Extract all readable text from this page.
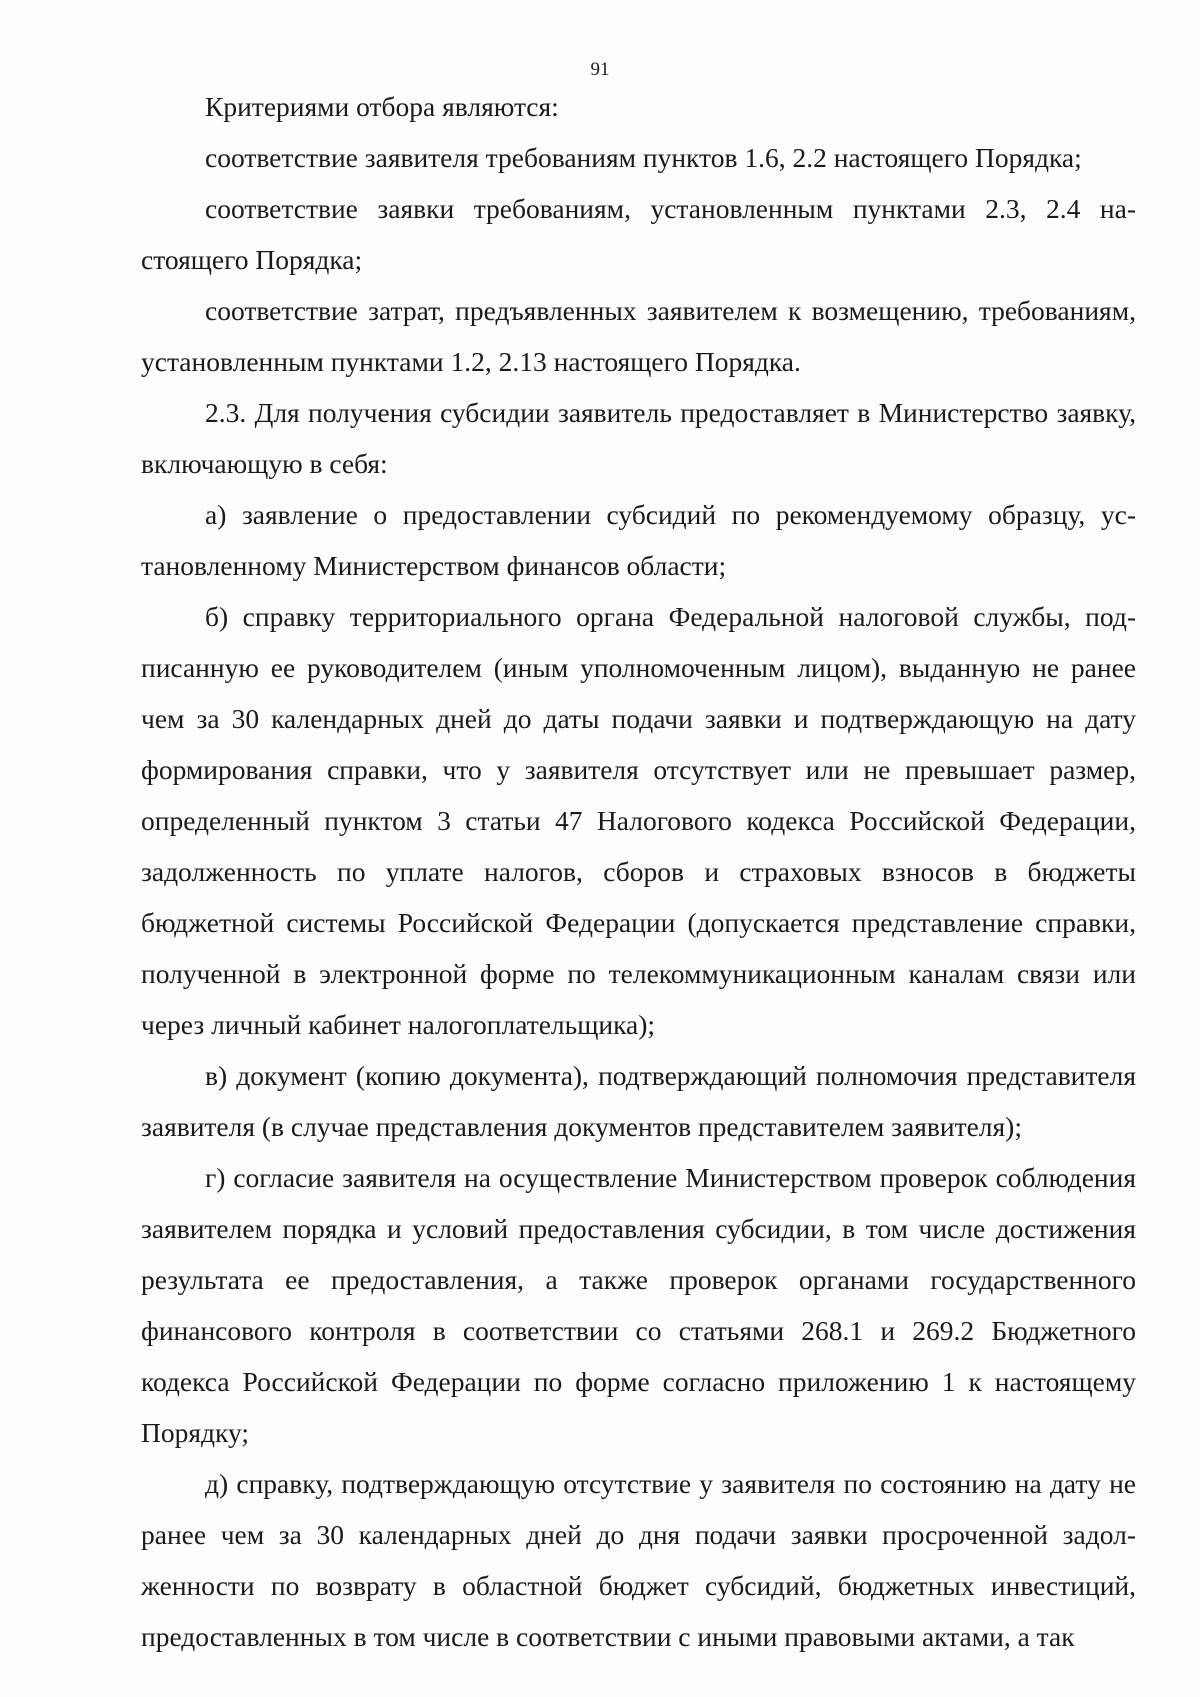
91

Критериями отбора являются:

соответствие заявителя требованиям пунктов 1.6, 2.2 настоящего Порядка;

соответствие заявки требованиям, установленным пунктами 2.3, 2.4 настоящего Порядка;

соответствие затрат, предъявленных заявителем к возмещению, требованиям, установленным пунктами 1.2, 2.13 настоящего Порядка.

2.3. Для получения субсидии заявитель предоставляет в Министерство заявку, включающую в себя:

а) заявление о предоставлении субсидий по рекомендуемому образцу, установленному Министерством финансов области;

б) справку территориального органа Федеральной налоговой службы, подписанную ее руководителем (иным уполномоченным лицом), выданную не ранее чем за 30 календарных дней до даты подачи заявки и подтверждающую на дату формирования справки, что у заявителя отсутствует или не превышает размер, определенный пунктом 3 статьи 47 Налогового кодекса Российской Федерации, задолженность по уплате налогов, сборов и страховых взносов в бюджеты бюджетной системы Российской Федерации (допускается представление справки, полученной в электронной форме по телекоммуникационным каналам связи или через личный кабинет налогоплательщика);

в) документ (копию документа), подтверждающий полномочия представителя заявителя (в случае представления документов представителем заявителя);

г) согласие заявителя на осуществление Министерством проверок соблюдения заявителем порядка и условий предоставления субсидии, в том числе достижения результата ее предоставления, а также проверок органами государственного финансового контроля в соответствии со статьями 268.1 и 269.2 Бюджетного кодекса Российской Федерации по форме согласно приложению 1 к настоящему Порядку;

д) справку, подтверждающую отсутствие у заявителя по состоянию на дату не ранее чем за 30 календарных дней до дня подачи заявки просроченной задолженности по возврату в областной бюджет субсидий, бюджетных инвестиций, предоставленных в том числе в соответствии с иными правовыми актами, а так
